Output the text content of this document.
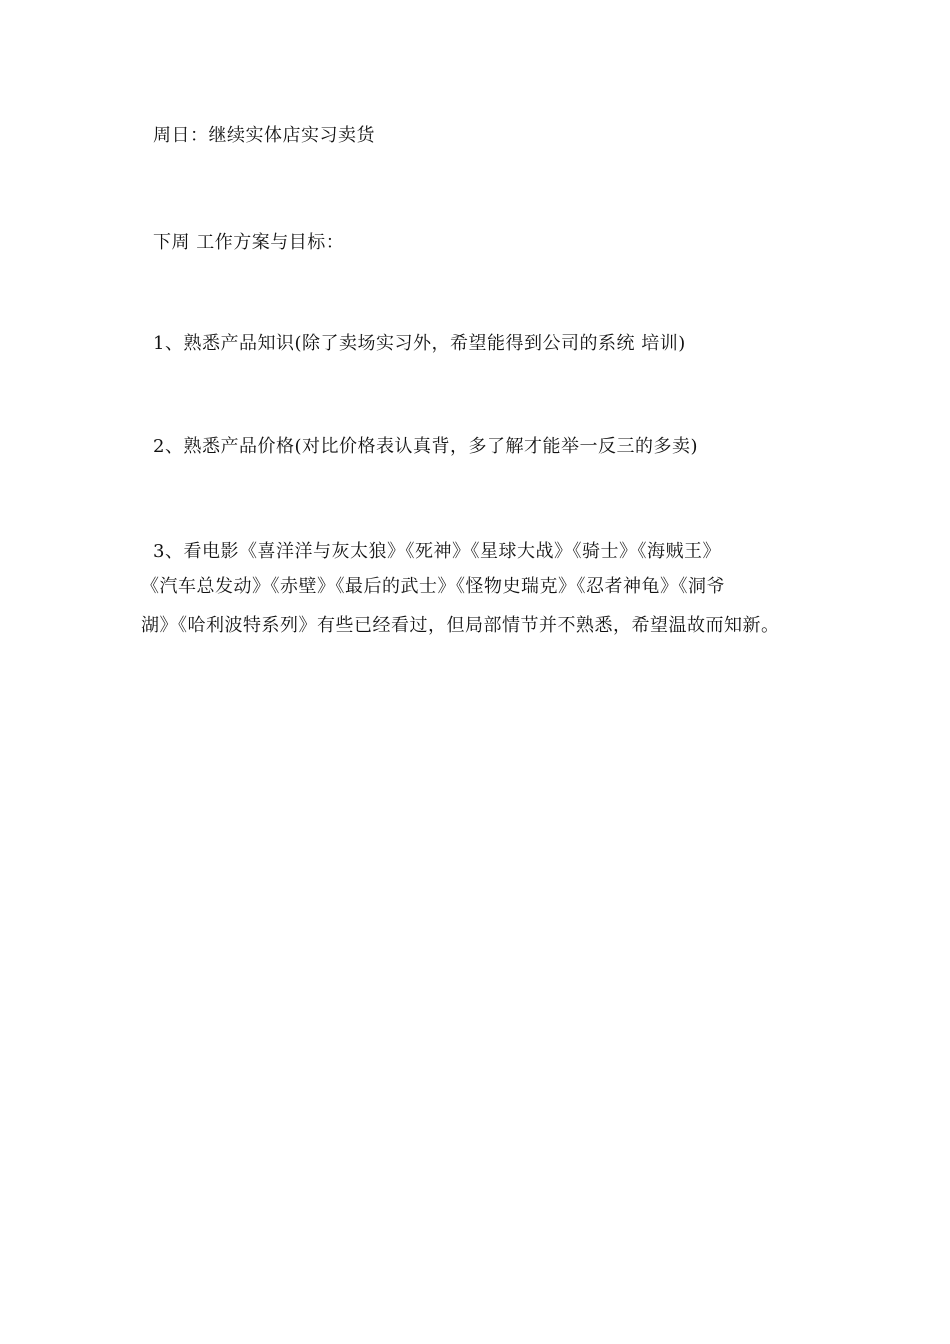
周日：继续实体店实习卖货
下周 工作方案与目标：
1、熟悉产品知识(除了卖场实习外，希望能得到公司的系统 培训)
2、熟悉产品价格(对比价格表认真背，多了解才能举一反三的多卖)
3、看电影《喜洋洋与灰太狼》《死神》《星球大战》《骑士》《海贼王》
《汽车总发动》《赤壁》《最后的武士》《怪物史瑞克》《忍者神龟》《洞爷
湖》《哈利波特系列》有些已经看过，但局部情节并不熟悉，希望温故而知新。
